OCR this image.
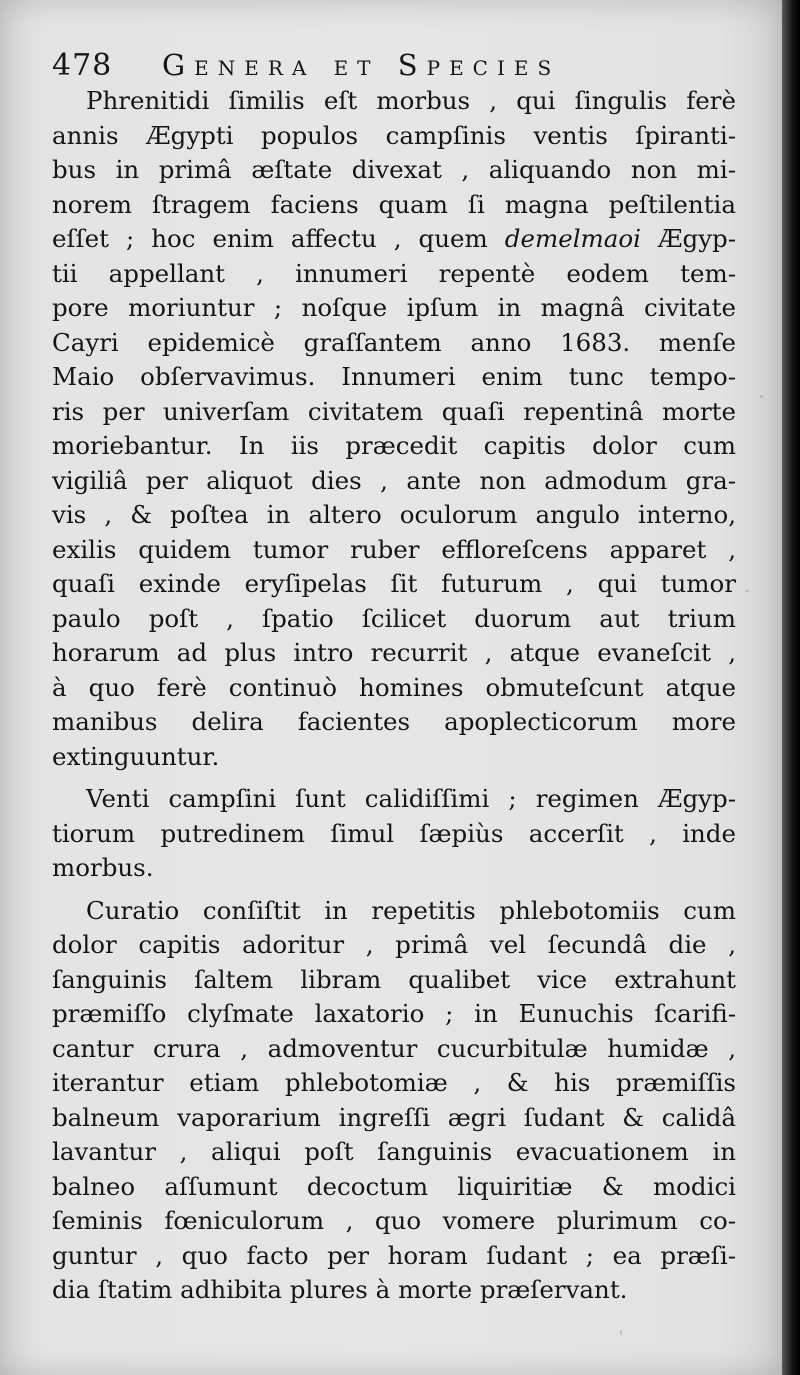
478 Genera et Species
Phrenitidi ſimilis eſt morbus , qui ſingulis ferè
annis Ægypti populos campſinis ventis ſpiranti-
bus in primâ æſtate divexat , aliquando non mi-
norem ſtragem faciens quam ſi magna peſtilentia
eſſet ; hoc enim affectu , quem demelmaoi Ægyp-
tii appellant , innumeri repentè eodem tem-
pore moriuntur ; noſque ipſum in magnâ civitate
Cayri epidemicè graſſantem anno 1683. menſe
Maio obſervavimus. Innumeri enim tunc tempo-
ris per univerſam civitatem quaſi repentinâ morte
moriebantur. In iis præcedit capitis dolor cum
vigiliâ per aliquot dies , ante non admodum gra-
vis , & poſtea in altero oculorum angulo interno,
exilis quidem tumor ruber effloreſcens apparet ,
quaſi exinde eryſipelas ſit futurum , qui tumor
paulo poſt , ſpatio ſcilicet duorum aut trium
horarum ad plus intro recurrit , atque evaneſcit ,
à quo ferè continuò homines obmuteſcunt atque
manibus delira facientes apoplecticorum more
extinguuntur.
Venti campſini ſunt calidiſſimi ; regimen Ægyp-
tiorum putredinem ſimul ſæpiùs accerſit , inde
morbus.
Curatio conſiſtit in repetitis phlebotomiis cum
dolor capitis adoritur , primâ vel ſecundâ die ,
ſanguinis ſaltem libram qualibet vice extrahunt
præmiſſo clyſmate laxatorio ; in Eunuchis ſcarifi-
cantur crura , admoventur cucurbitulæ humidæ ,
iterantur etiam phlebotomiæ , & his præmiſſis
balneum vaporarium ingreſſi ægri ſudant & calidâ
lavantur , aliqui poſt ſanguinis evacuationem in
balneo aſſumunt decoctum liquiritiæ & modici
ſeminis fœniculorum , quo vomere plurimum co-
guntur , quo facto per horam ſudant ; ea præſi-
dia ſtatim adhibita plures à morte præſervant.
